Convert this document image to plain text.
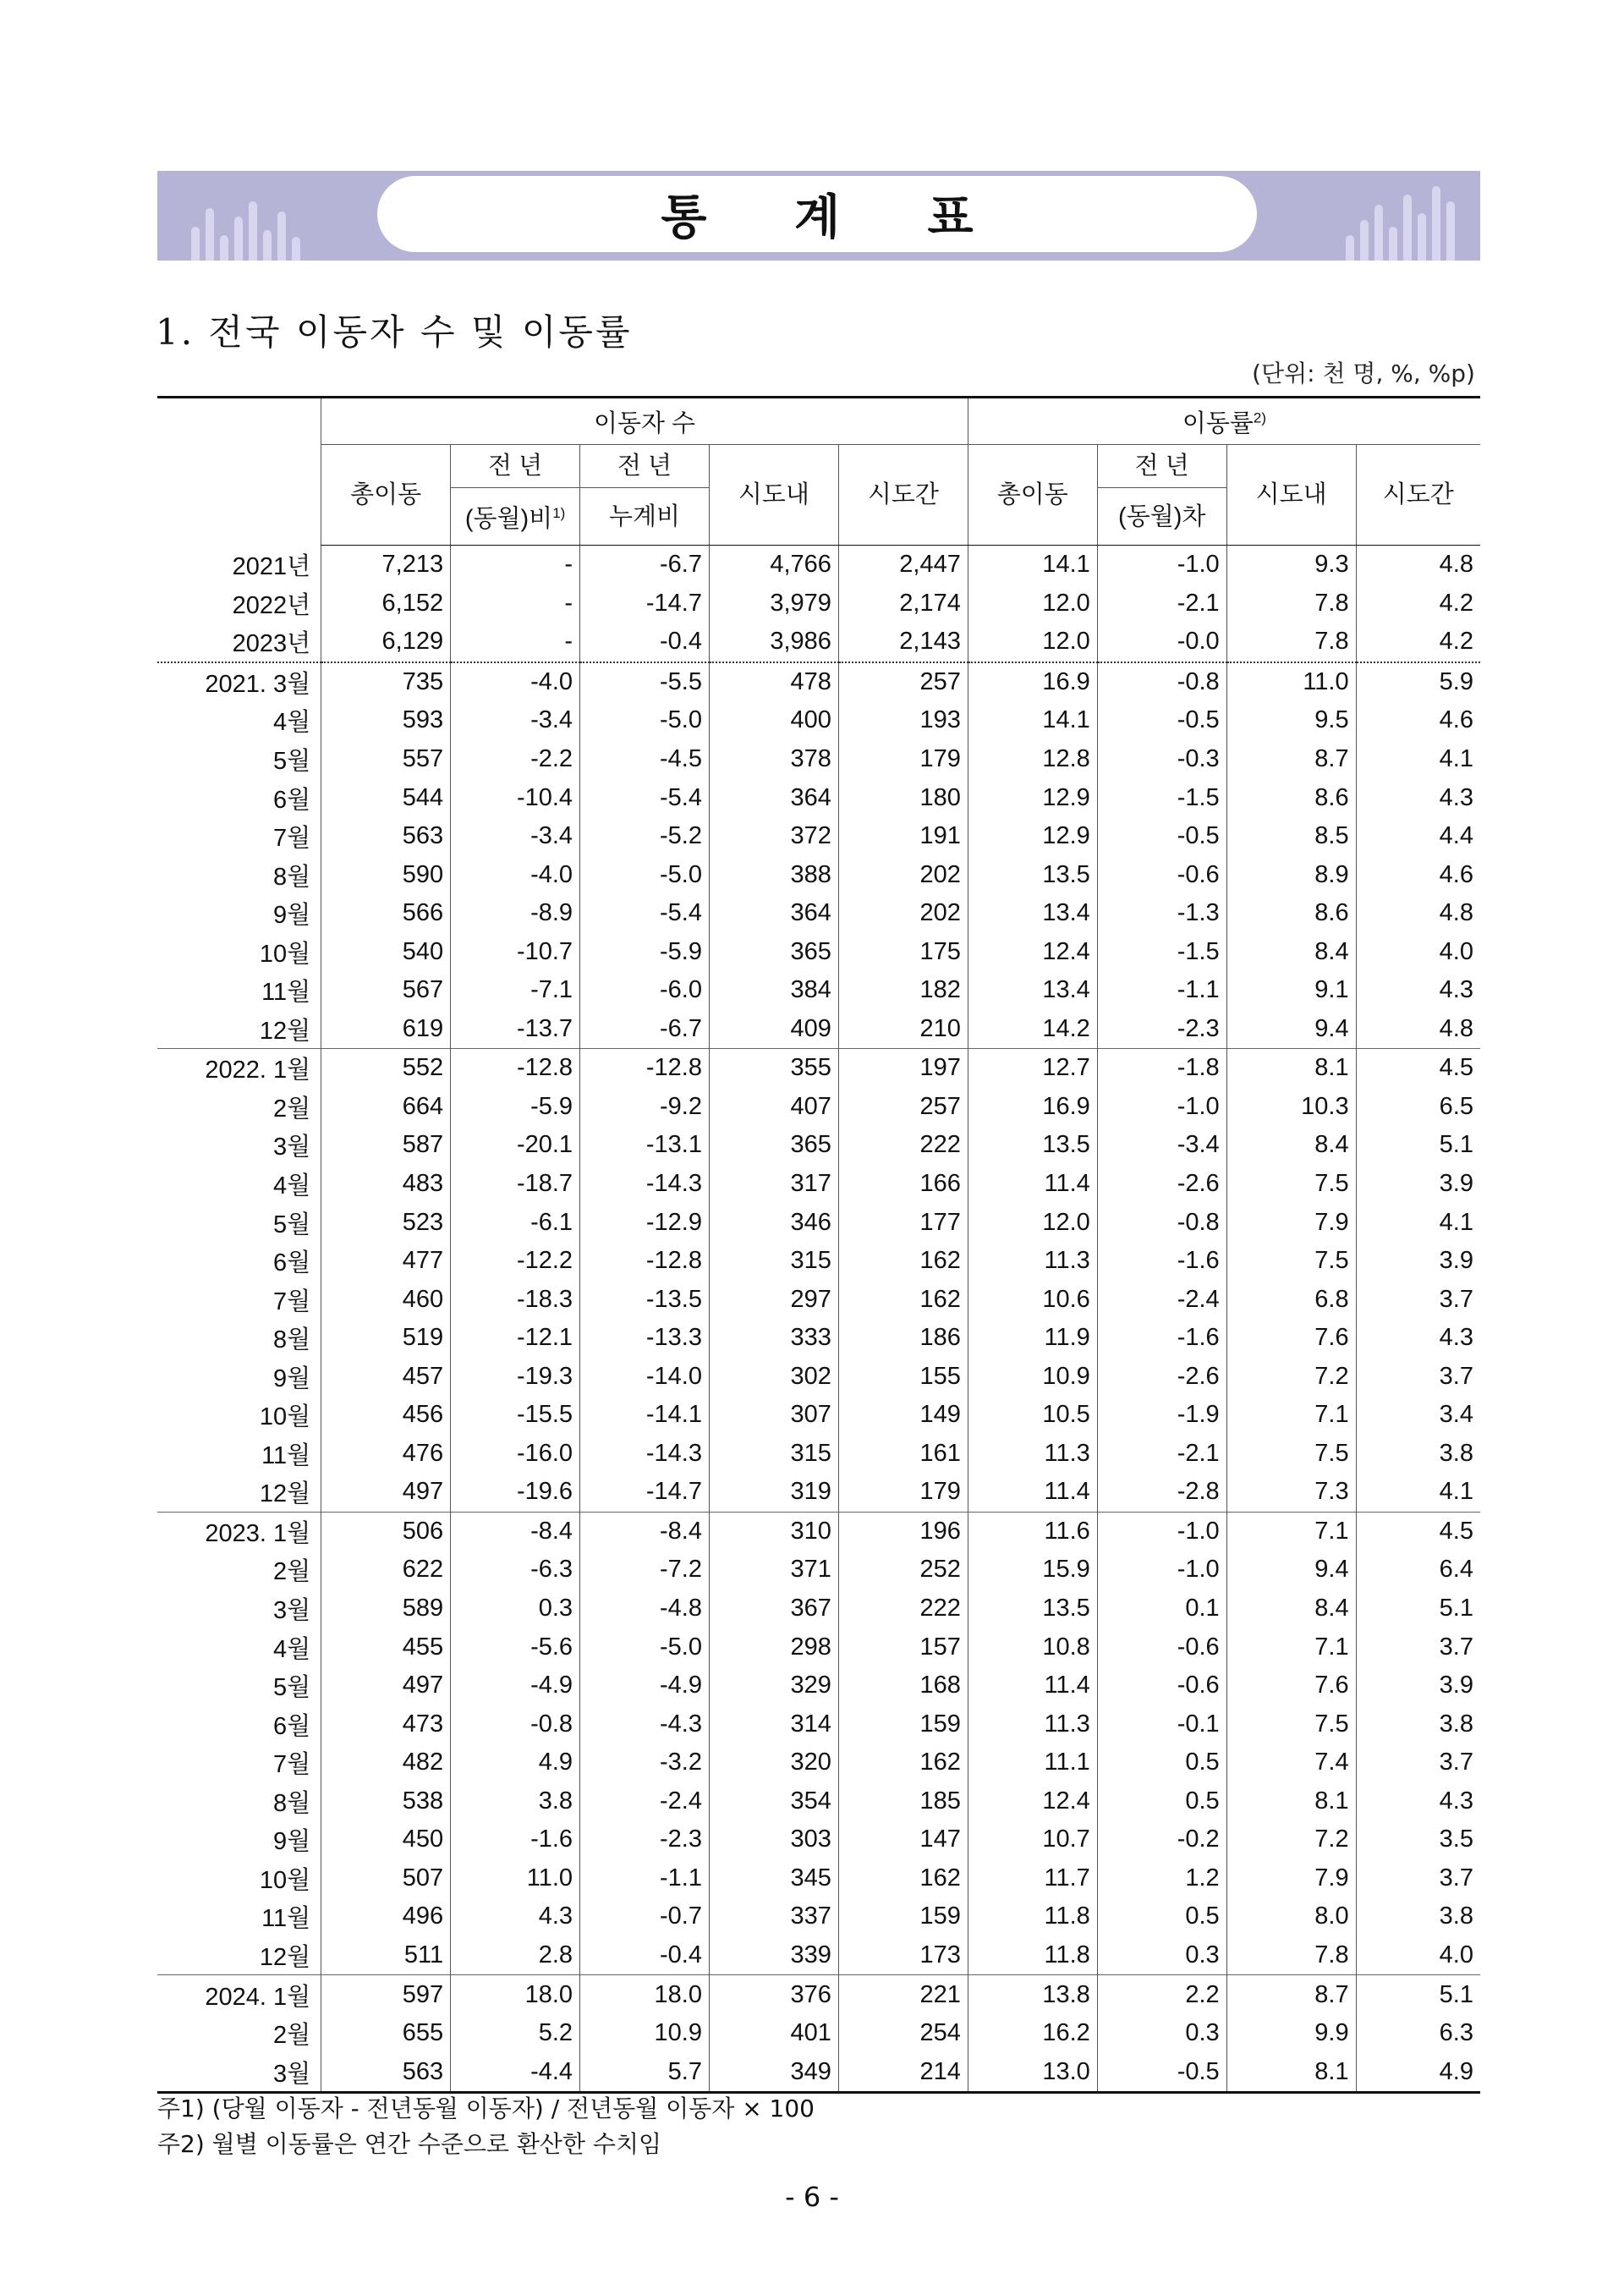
통 계 표
1. 전국 이동자 수 및 이동률
(단위: 천 명, %, %p)
	이동자 수					이동률$^{2)}$
	총이동	전 년	전 년	시도내	시도간	총이동	전 년	시도내	시도간
		(동월)비$^{1)}$	누계비				(동월)차		
2021년	7,213	-	-6.7	4,766	2,447	14.1	-1.0	9.3	4.8
2022년	6,152	-	-14.7	3,979	2,174	12.0	-2.1	7.8	4.2
2023년	6,129	-	-0.4	3,986	2,143	12.0	-0.0	7.8	4.2
2021. 3월	735	-4.0	-5.5	478	257	16.9	-0.8	11.0	5.9
4월	593	-3.4	-5.0	400	193	14.1	-0.5	9.5	4.6
5월	557	-2.2	-4.5	378	179	12.8	-0.3	8.7	4.1
6월	544	-10.4	-5.4	364	180	12.9	-1.5	8.6	4.3
7월	563	-3.4	-5.2	372	191	12.9	-0.5	8.5	4.4
8월	590	-4.0	-5.0	388	202	13.5	-0.6	8.9	4.6
9월	566	-8.9	-5.4	364	202	13.4	-1.3	8.6	4.8
10월	540	-10.7	-5.9	365	175	12.4	-1.5	8.4	4.0
11월	567	-7.1	-6.0	384	182	13.4	-1.1	9.1	4.3
12월	619	-13.7	-6.7	409	210	14.2	-2.3	9.4	4.8
2022. 1월	552	-12.8	-12.8	355	197	12.7	-1.8	8.1	4.5
2월	664	-5.9	-9.2	407	257	16.9	-1.0	10.3	6.5
3월	587	-20.1	-13.1	365	222	13.5	-3.4	8.4	5.1
4월	483	-18.7	-14.3	317	166	11.4	-2.6	7.5	3.9
5월	523	-6.1	-12.9	346	177	12.0	-0.8	7.9	4.1
6월	477	-12.2	-12.8	315	162	11.3	-1.6	7.5	3.9
7월	460	-18.3	-13.5	297	162	10.6	-2.4	6.8	3.7
8월	519	-12.1	-13.3	333	186	11.9	-1.6	7.6	4.3
9월	457	-19.3	-14.0	302	155	10.9	-2.6	7.2	3.7
10월	456	-15.5	-14.1	307	149	10.5	-1.9	7.1	3.4
11월	476	-16.0	-14.3	315	161	11.3	-2.1	7.5	3.8
12월	497	-19.6	-14.7	319	179	11.4	-2.8	7.3	4.1
2023. 1월	506	-8.4	-8.4	310	196	11.6	-1.0	7.1	4.5
2월	622	-6.3	-7.2	371	252	15.9	-1.0	9.4	6.4
3월	589	0.3	-4.8	367	222	13.5	0.1	8.4	5.1
4월	455	-5.6	-5.0	298	157	10.8	-0.6	7.1	3.7
5월	497	-4.9	-4.9	329	168	11.4	-0.6	7.6	3.9
6월	473	-0.8	-4.3	314	159	11.3	-0.1	7.5	3.8
7월	482	4.9	-3.2	320	162	11.1	0.5	7.4	3.7
8월	538	3.8	-2.4	354	185	12.4	0.5	8.1	4.3
9월	450	-1.6	-2.3	303	147	10.7	-0.2	7.2	3.5
10월	507	11.0	-1.1	345	162	11.7	1.2	7.9	3.7
11월	496	4.3	-0.7	337	159	11.8	0.5	8.0	3.8
12월	511	2.8	-0.4	339	173	11.8	0.3	7.8	4.0
2024. 1월	597	18.0	18.0	376	221	13.8	2.2	8.7	5.1
2월	655	5.2	10.9	401	254	16.2	0.3	9.9	6.3
3월	563	-4.4	5.7	349	214	13.0	-0.5	8.1	4.9
주1) (당월 이동자 - 전년동월 이동자) / 전년동월 이동자 × 100
주2) 월별 이동률은 연간 수준으로 환산한 수치임
- 6 -
